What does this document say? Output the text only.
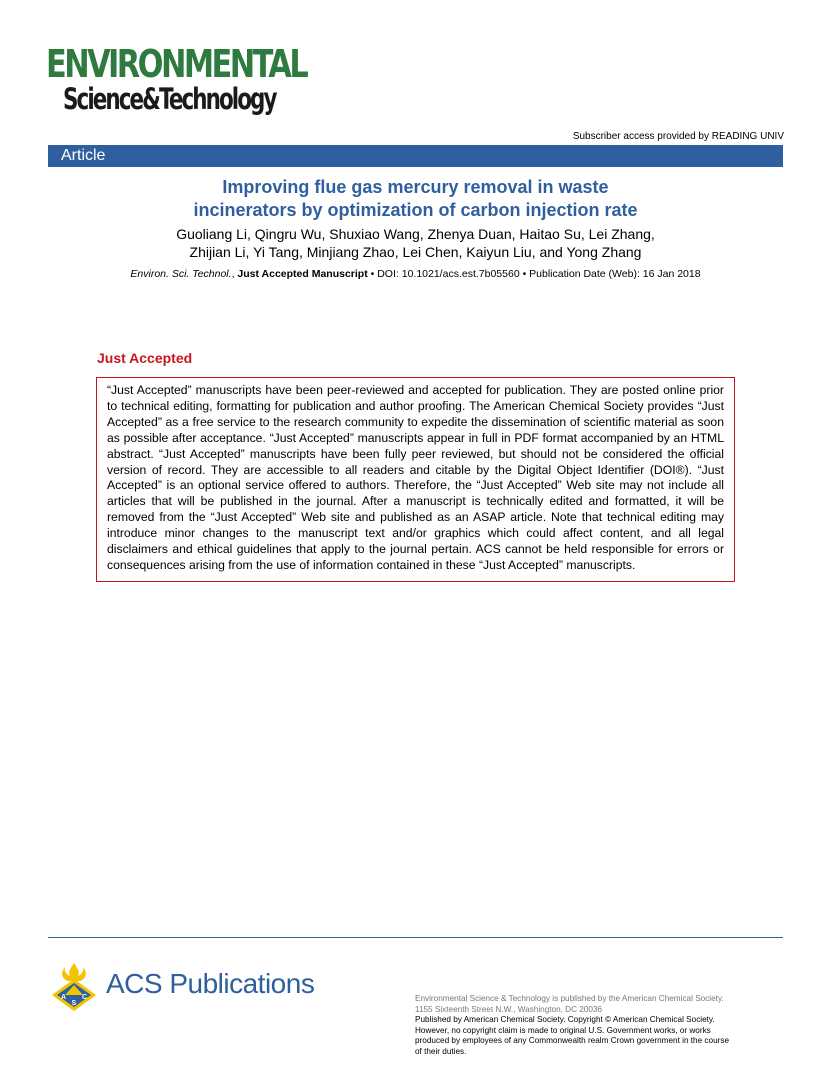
ENVIRONMENTAL
Science&Technology
Subscriber access provided by READING UNIV
Article
Improving flue gas mercury removal in waste
incinerators by optimization of carbon injection rate
Guoliang Li, Qingru Wu, Shuxiao Wang, Zhenya Duan, Haitao Su, Lei Zhang,
Zhijian Li, Yi Tang, Minjiang Zhao, Lei Chen, Kaiyun Liu, and Yong Zhang
Environ. Sci. Technol., Just Accepted Manuscript • DOI: 10.1021/acs.est.7b05560 • Publication Date (Web): 16 Jan 2018
Just Accepted
“Just Accepted” manuscripts have been peer-reviewed and accepted for publication. They are posted online prior to technical editing, formatting for publication and author proofing. The American Chemical Society provides “Just Accepted” as a free service to the research community to expedite the dissemination of scientific material as soon as possible after acceptance. “Just Accepted” manuscripts appear in full in PDF format accompanied by an HTML abstract. “Just Accepted” manuscripts have been fully peer reviewed, but should not be considered the official version of record. They are accessible to all readers and citable by the Digital Object Identifier (DOI®). “Just Accepted” is an optional service offered to authors. Therefore, the “Just Accepted” Web site may not include all articles that will be published in the journal. After a manuscript is technically edited and formatted, it will be removed from the “Just Accepted” Web site and published as an ASAP article. Note that technical editing may introduce minor changes to the manuscript text and/or graphics which could affect content, and all legal disclaimers and ethical guidelines that apply to the journal pertain. ACS cannot be held responsible for errors or consequences arising from the use of information contained in these “Just Accepted” manuscripts.
A C
S
ACS Publications	Environmental Science & Technology is published by the American Chemical Society.
1155 Sixteenth Street N.W., Washington, DC 20036
Published by American Chemical Society. Copyright © American Chemical Society.
However, no copyright claim is made to original U.S. Government works, or works
produced by employees of any Commonwealth realm Crown government in the course
of their duties.
